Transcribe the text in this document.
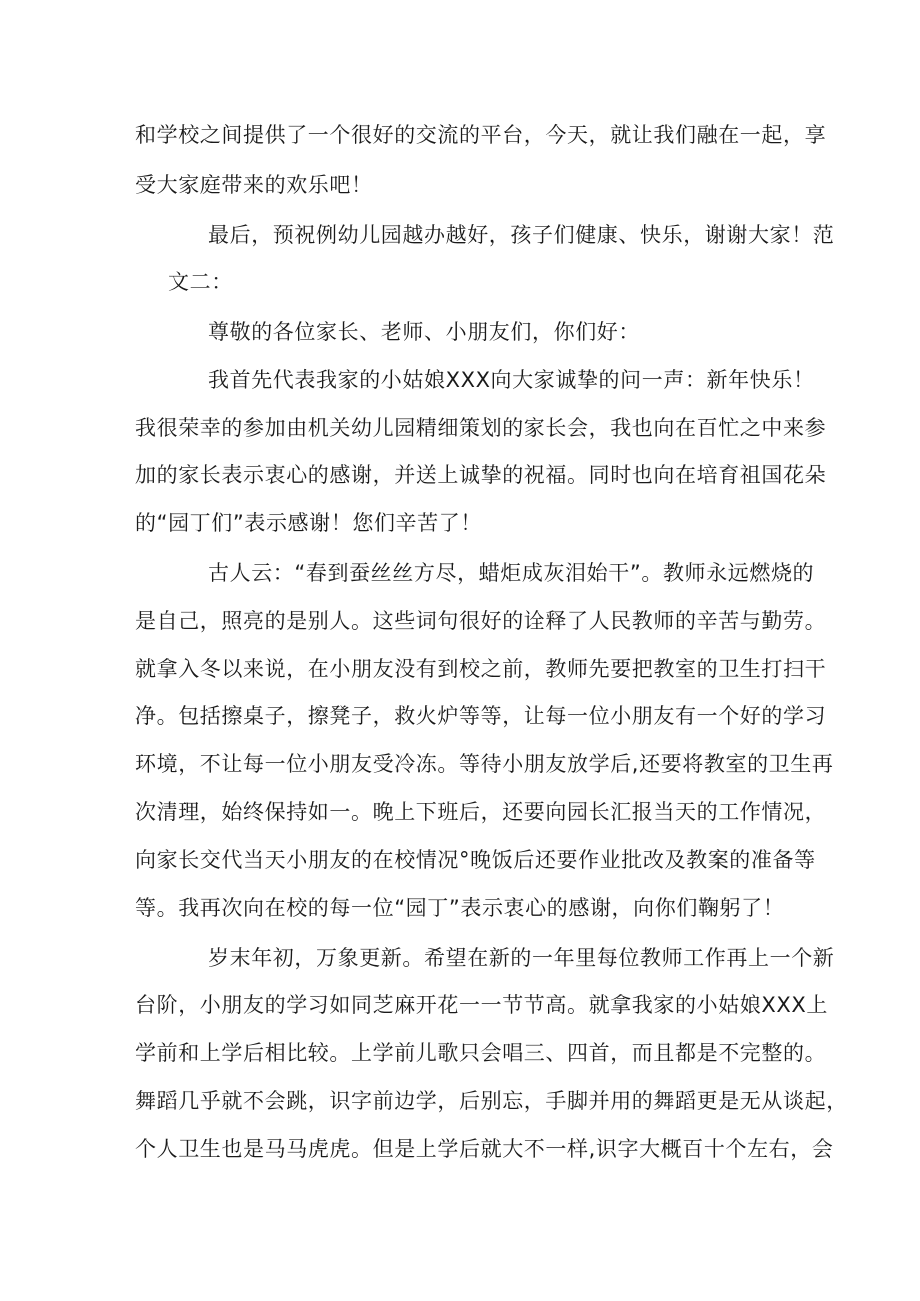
和学校之间提供了一个很好的交流的平台，今天，就让我们融在一起，享
受大家庭带来的欢乐吧！
最后，预祝例幼儿园越办越好，孩子们健康、快乐，谢谢大家！范
文二：
尊敬的各位家长、老师、小朋友们，你们好：
我首先代表我家的小姑娘XXX向大家诚挚的问一声：新年快乐！
我很荣幸的参加由机关幼儿园精细策划的家长会，我也向在百忙之中来参
加的家长表示衷心的感谢，并送上诚挚的祝福。同时也向在培育祖国花朵
的“园丁们”表示感谢！您们辛苦了！
古人云：“春到蚕丝丝方尽，蜡炬成灰泪始干”。教师永远燃烧的
是自己，照亮的是别人。这些词句很好的诠释了人民教师的辛苦与勤劳。
就拿入冬以来说，在小朋友没有到校之前，教师先要把教室的卫生打扫干
净。包括擦桌子，擦凳子，救火炉等等，让每一位小朋友有一个好的学习
环境，不让每一位小朋友受冷冻。等待小朋友放学后,还要将教室的卫生再
次清理，始终保持如一。晚上下班后，还要向园长汇报当天的工作情况，
向家长交代当天小朋友的在校情况°晚饭后还要作业批改及教案的准备等
等。我再次向在校的每一位“园丁”表示衷心的感谢，向你们鞠躬了！
岁末年初，万象更新。希望在新的一年里每位教师工作再上一个新
台阶，小朋友的学习如同芝麻开花一一节节高。就拿我家的小姑娘XXX上
学前和上学后相比较。上学前儿歌只会唱三、四首，而且都是不完整的。
舞蹈几乎就不会跳，识字前边学，后别忘，手脚并用的舞蹈更是无从谈起，
个人卫生也是马马虎虎。但是上学后就大不一样,识字大概百十个左右，会
